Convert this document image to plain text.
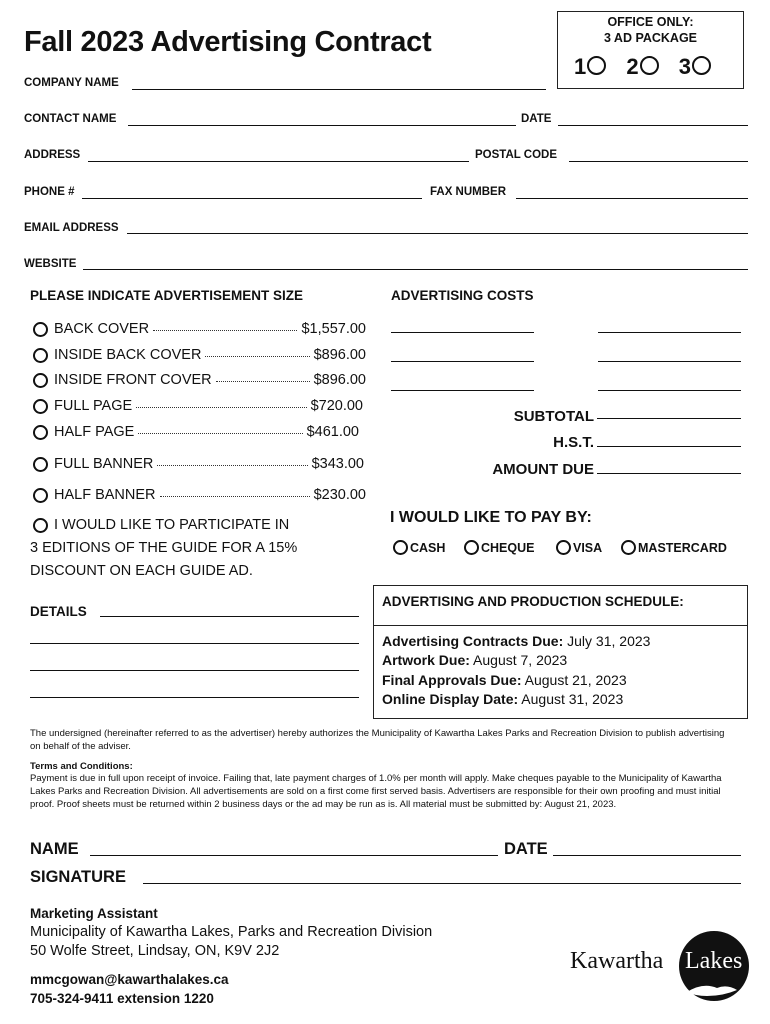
Fall 2023 Advertising Contract
OFFICE ONLY:
3 AD PACKAGE
1 2 3
COMPANY NAME
CONTACT NAME	DATE
ADDRESS	POSTAL CODE
PHONE #	FAX NUMBER
EMAIL ADDRESS
WEBSITE
PLEASE INDICATE ADVERTISEMENT SIZE
BACK COVER	$1,557.00
INSIDE BACK COVER	$896.00
INSIDE FRONT COVER	$896.00
FULL PAGE	$720.00
HALF PAGE	$461.00
FULL BANNER	$343.00
HALF BANNER	$230.00
I WOULD LIKE TO PARTICIPATE IN
3 EDITIONS OF THE GUIDE FOR A 15%
DISCOUNT ON EACH GUIDE AD.
ADVERTISING COSTS
SUBTOTAL
H.S.T.
AMOUNT DUE
I WOULD LIKE TO PAY BY:
CASH	CHEQUE	VISA	MASTERCARD
DETAILS
ADVERTISING AND PRODUCTION SCHEDULE:
Advertising Contracts Due: July 31, 2023
Artwork Due: August 7, 2023
Final Approvals Due: August 21, 2023
Online Display Date: August 31, 2023
The undersigned (hereinafter referred to as the advertiser) hereby authorizes the Municipality of Kawartha Lakes Parks and Recreation Division to publish advertising on behalf of the adviser.
Terms and Conditions:
Payment is due in full upon receipt of invoice. Failing that, late payment charges of 1.0% per month will apply. Make cheques payable to the Municipality of Kawartha Lakes Parks and Recreation Division. All advertisements are sold on a first come first served basis. Advertisers are responsible for their own proofing and must initial proof. Proof sheets must be returned within 2 business days or the ad may be run as is. All material must be submitted by: August 21, 2023.
NAME	DATE
SIGNATURE
Marketing Assistant
Municipality of Kawartha Lakes, Parks and Recreation Division
50 Wolfe Street, Lindsay, ON, K9V 2J2
mmcgowan@kawarthalakes.ca
705-324-9411 extension 1220
Kawartha Lakes
